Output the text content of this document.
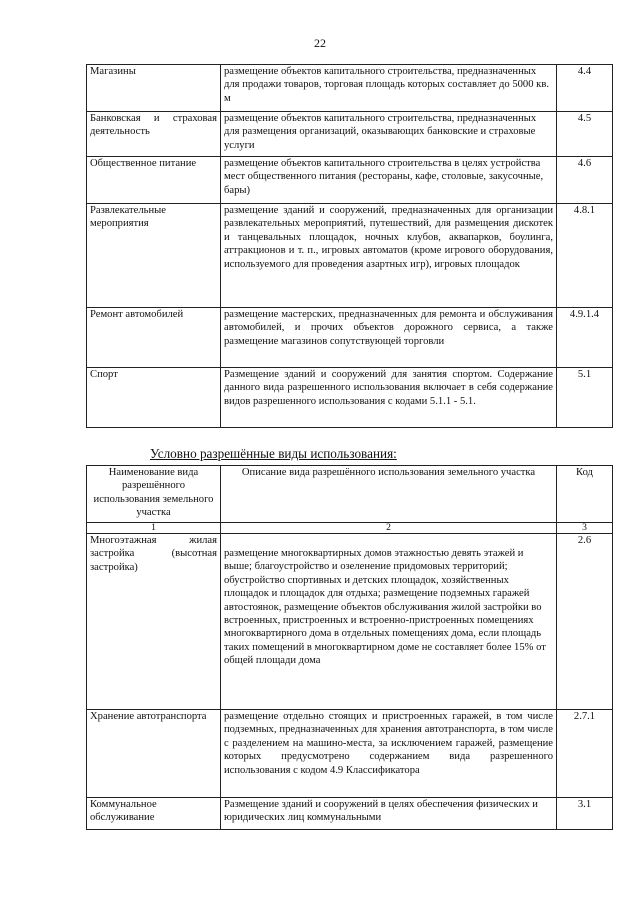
22
Магазины	размещение объектов капитального строительства, предназначенных для продажи товаров, торговая площадь которых составляет до 5000 кв. м	4.4
Банковская и страховая деятельность	размещение объектов капитального строительства, предназначенных для размещения организаций, оказывающих банковские и страховые услуги	4.5
Общественное питание	размещение объектов капитального строительства в целях устройства мест общественного питания (рестораны, кафе, столовые, закусочные, бары)	4.6
Развлекательные мероприятия	размещение зданий и сооружений, предназначенных для организации развлекательных мероприятий, путешествий, для размещения дискотек и танцевальных площадок, ночных клубов, аквапарков, боулинга, аттракционов и т. п., игровых автоматов (кроме игрового оборудования, используемого для проведения азартных игр), игровых площадок	4.8.1
Ремонт автомобилей	размещение мастерских, предназначенных для ремонта и обслуживания автомобилей, и прочих объектов дорожного сервиса, а также размещение магазинов сопутствующей торговли	4.9.1.4
Спорт	Размещение зданий и сооружений для занятия спортом. Содержание данного вида разрешенного использования включает в себя содержание видов разрешенного использования с кодами 5.1.1 - 5.1.	5.1
Условно разрешённые виды использования:
Наименование вида разрешённого использования земельного участка	Описание вида разрешённого использования земельного участка	Код
1	2	3
Многоэтажная жилая застройка (высотная застройка)	размещение многоквартирных домов этажностью девять этажей и выше; благоустройство и озеленение придомовых территорий; обустройство спортивных и детских площадок, хозяйственных площадок и площадок для отдыха; размещение подземных гаражей автостоянок, размещение объектов обслуживания жилой застройки во встроенных, пристроенных и встроенно-пристроенных помещениях многоквартирного дома в отдельных помещениях дома, если площадь таких помещений в многоквартирном доме не составляет более 15% от общей площади дома	2.6
Хранение автотранспорта	размещение отдельно стоящих и пристроенных гаражей, в том числе подземных, предназначенных для хранения автотранспорта, в том числе с разделением на машино-места, за исключением гаражей, размещение которых предусмотрено содержанием вида разрешенного использования с кодом 4.9 Классификатора	2.7.1
Коммунальное обслуживание	Размещение зданий и сооружений в целях обеспечения физических и юридических лиц коммунальными	3.1
